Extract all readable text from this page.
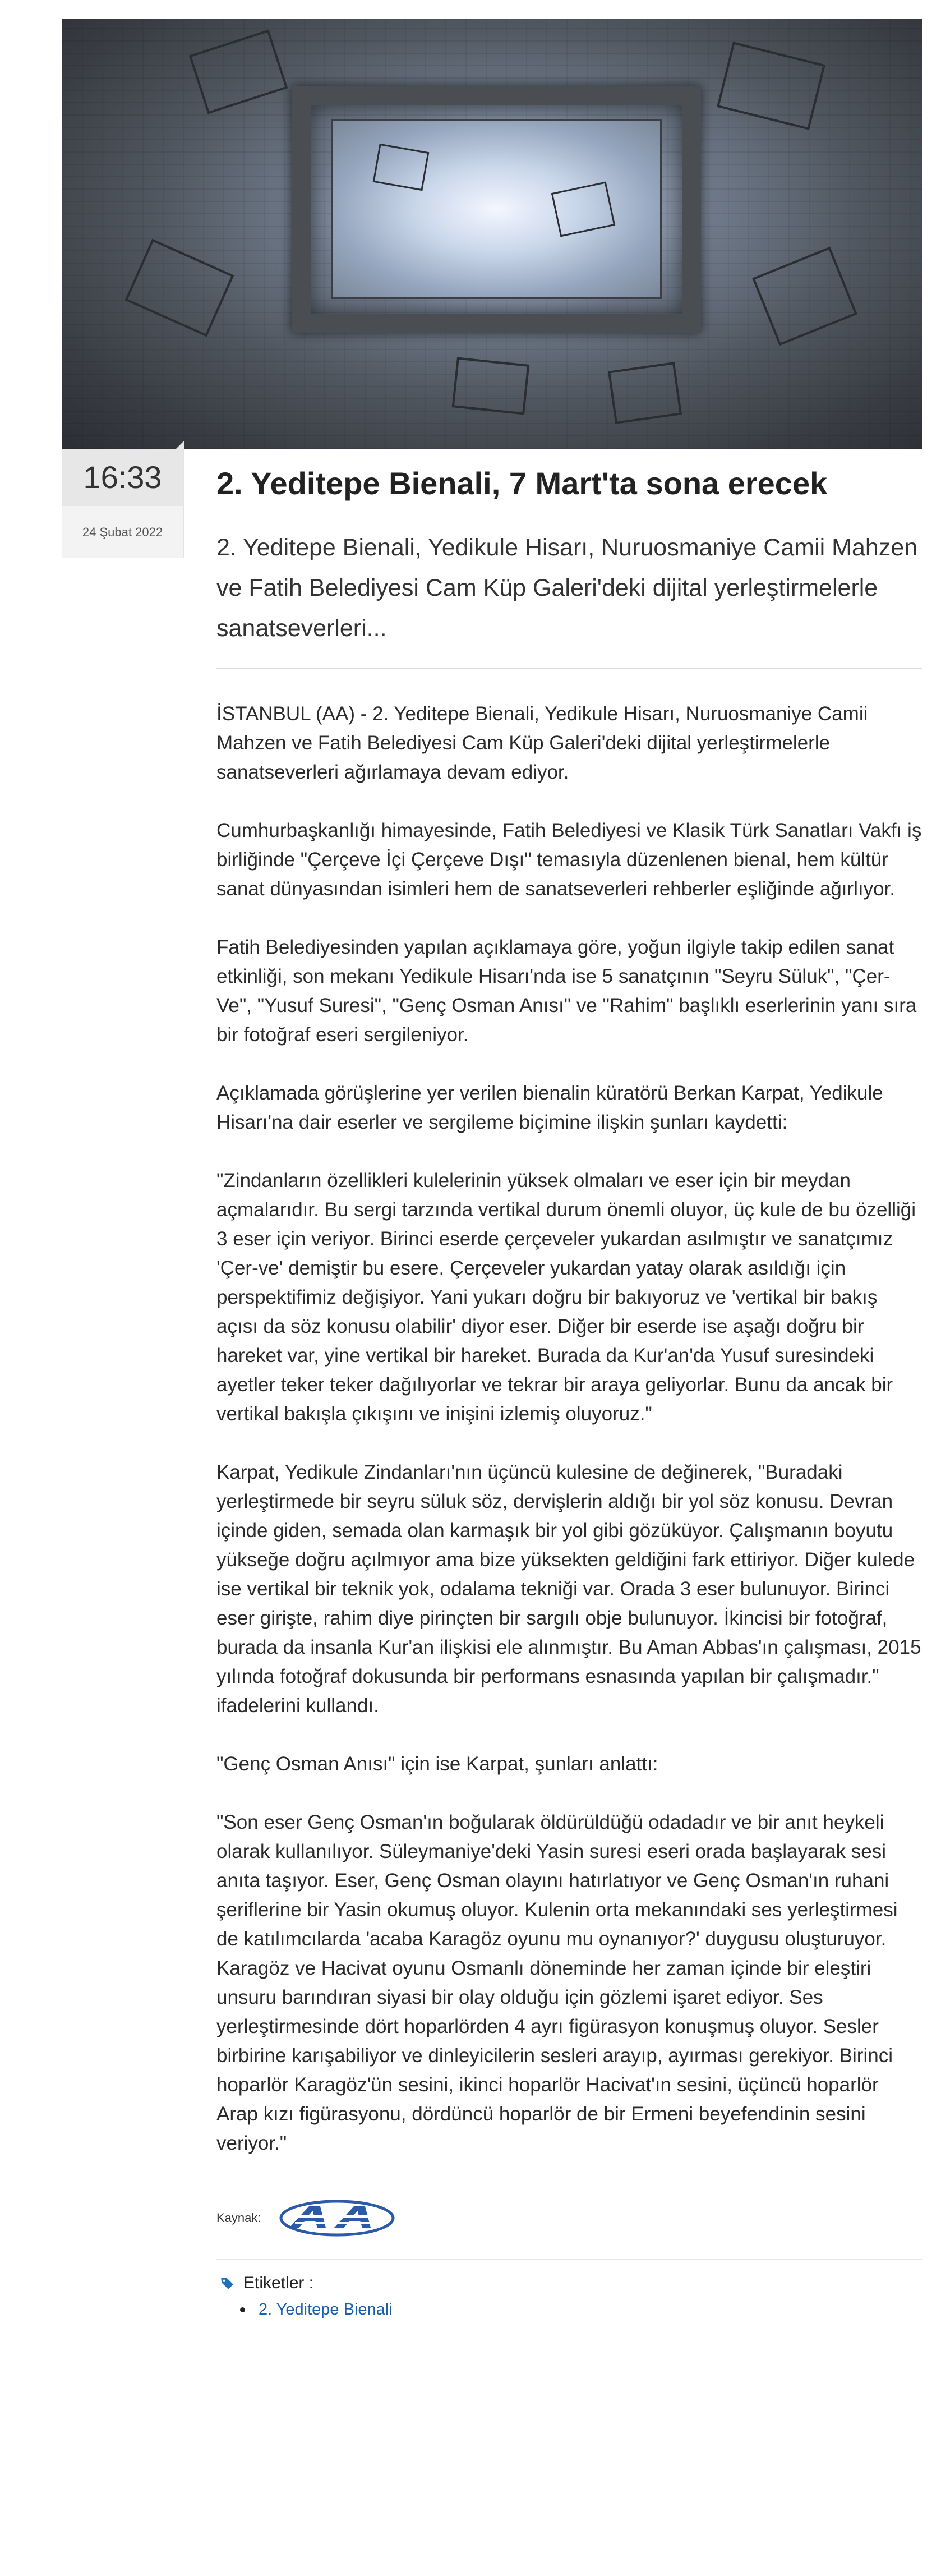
16:33
24 Şubat 2022
2. Yeditepe Bienali, 7 Mart'ta sona erecek
2. Yeditepe Bienali, Yedikule Hisarı, Nuruosmaniye Camii Mahzen ve Fatih Belediyesi Cam Küp Galeri'deki dijital yerleştirmelerle sanatseverleri...

İSTANBUL (AA) - 2. Yeditepe Bienali, Yedikule Hisarı, Nuruosmaniye Camii Mahzen ve Fatih Belediyesi Cam Küp Galeri'deki dijital yerleştirmelerle sanatseverleri ağırlamaya devam ediyor.

Cumhurbaşkanlığı himayesinde, Fatih Belediyesi ve Klasik Türk Sanatları Vakfı iş birliğinde "Çerçeve İçi Çerçeve Dışı" temasıyla düzenlenen bienal, hem kültür sanat dünyasından isimleri hem de sanatseverleri rehberler eşliğinde ağırlıyor.

Fatih Belediyesinden yapılan açıklamaya göre, yoğun ilgiyle takip edilen sanat etkinliği, son mekanı Yedikule Hisarı'nda ise 5 sanatçının "Seyru Süluk", "Çer-Ve", "Yusuf Suresi", "Genç Osman Anısı" ve "Rahim" başlıklı eserlerinin yanı sıra bir fotoğraf eseri sergileniyor.

Açıklamada görüşlerine yer verilen bienalin küratörü Berkan Karpat, Yedikule Hisarı'na dair eserler ve sergileme biçimine ilişkin şunları kaydetti:

"Zindanların özellikleri kulelerinin yüksek olmaları ve eser için bir meydan açmalarıdır. Bu sergi tarzında vertikal durum önemli oluyor, üç kule de bu özelliği 3 eser için veriyor. Birinci eserde çerçeveler yukardan asılmıştır ve sanatçımız 'Çer-ve' demiştir bu esere. Çerçeveler yukardan yatay olarak asıldığı için perspektifimiz değişiyor. Yani yukarı doğru bir bakıyoruz ve 'vertikal bir bakış açısı da söz konusu olabilir' diyor eser. Diğer bir eserde ise aşağı doğru bir hareket var, yine vertikal bir hareket. Burada da Kur'an'da Yusuf suresindeki ayetler teker teker dağılıyorlar ve tekrar bir araya geliyorlar. Bunu da ancak bir vertikal bakışla çıkışını ve inişini izlemiş oluyoruz."

Karpat, Yedikule Zindanları'nın üçüncü kulesine de değinerek, "Buradaki yerleştirmede bir seyru süluk söz, dervişlerin aldığı bir yol söz konusu. Devran içinde giden, semada olan karmaşık bir yol gibi gözüküyor. Çalışmanın boyutu yükseğe doğru açılmıyor ama bize yüksekten geldiğini fark ettiriyor. Diğer kulede ise vertikal bir teknik yok, odalama tekniği var. Orada 3 eser bulunuyor. Birinci eser girişte, rahim diye pirinçten bir sargılı obje bulunuyor. İkincisi bir fotoğraf, burada da insanla Kur'an ilişkisi ele alınmıştır. Bu Aman Abbas'ın çalışması, 2015 yılında fotoğraf dokusunda bir performans esnasında yapılan bir çalışmadır." ifadelerini kullandı.

"Genç Osman Anısı" için ise Karpat, şunları anlattı:

"Son eser Genç Osman'ın boğularak öldürüldüğü odadadır ve bir anıt heykeli olarak kullanılıyor. Süleymaniye'deki Yasin suresi eseri orada başlayarak sesi anıta taşıyor. Eser, Genç Osman olayını hatırlatıyor ve Genç Osman'ın ruhani şeriflerine bir Yasin okumuş oluyor. Kulenin orta mekanındaki ses yerleştirmesi de katılımcılarda 'acaba Karagöz oyunu mu oynanıyor?' duygusu oluşturuyor. Karagöz ve Hacivat oyunu Osmanlı döneminde her zaman içinde bir eleştiri unsuru barındıran siyasi bir olay olduğu için gözlemi işaret ediyor. Ses yerleştirmesinde dört hoparlörden 4 ayrı figürasyon konuşmuş oluyor. Sesler birbirine karışabiliyor ve dinleyicilerin sesleri arayıp, ayırması gerekiyor. Birinci hoparlör Karagöz'ün sesini, ikinci hoparlör Hacivat'ın sesini, üçüncü hoparlör Arap kızı figürasyonu, dördüncü hoparlör de bir Ermeni beyefendinin sesini veriyor."

Kaynak:
Etiketler :
2. Yeditepe Bienali
